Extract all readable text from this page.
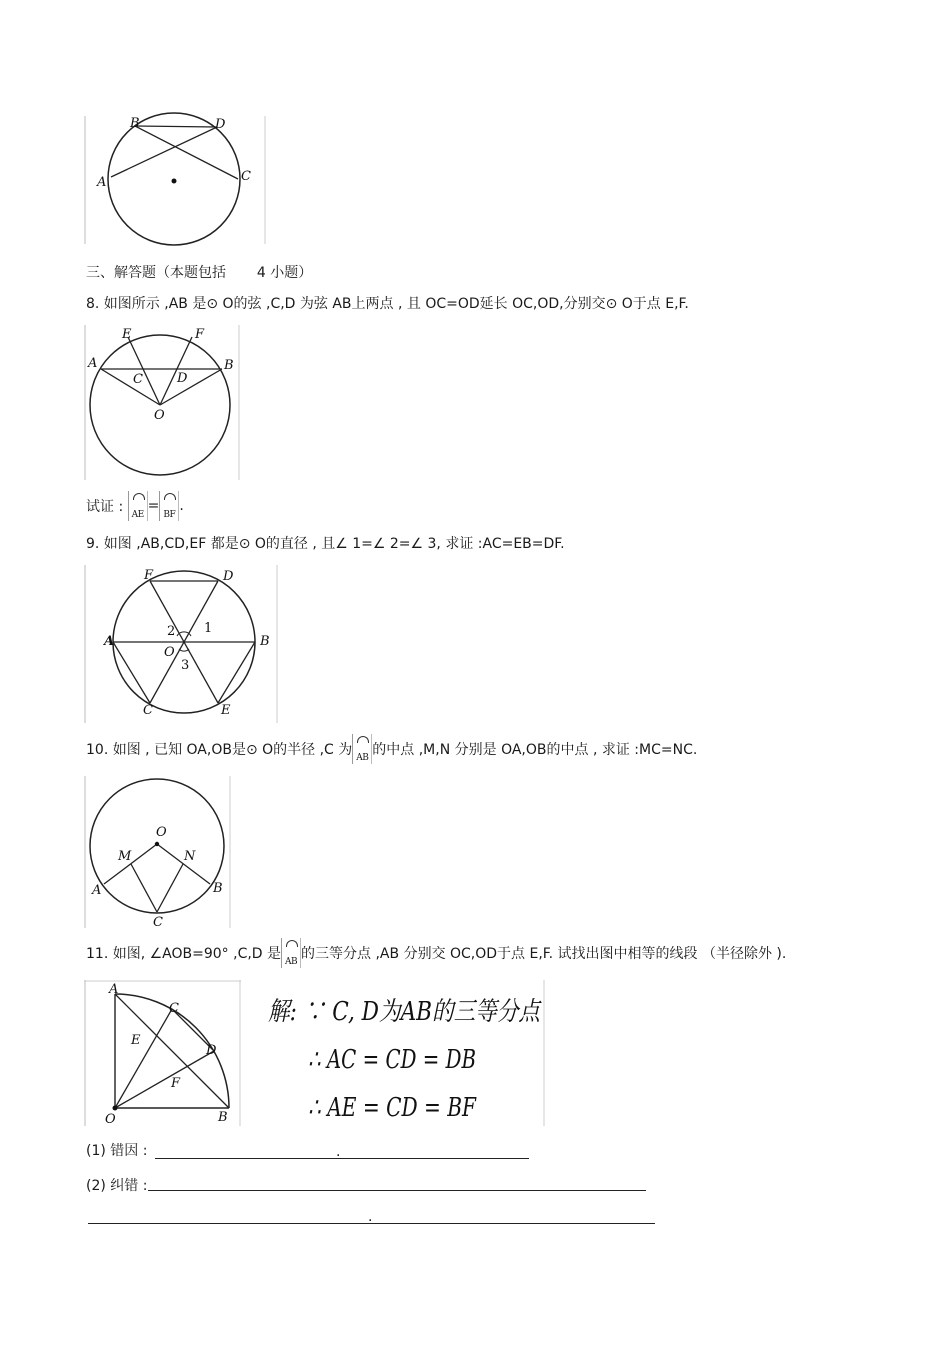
B	D
A	C
三、解答题（本题包括 4 小题）
8. 如图所示 ,AB 是⊙ O的弦 ,C,D 为弦 AB上两点 , 且 OC=OD延长 OC,OD,分别交⊙ O于点 E,F.
E	F
A	B
C	D
O
试证 : AE
=
BF
.
9. 如图 ,AB,CD,EF 都是⊙ O的直径 , 且∠ 1=∠ 2=∠ 3, 求证 :AC=EB=DF.
F	D
A	B
2 1
O
3
C	E
10. 如图 , 已知 OA,OB是⊙ O的半径 ,C 为 AB 的中点 ,M,N 分别是 OA,OB的中点 , 求证 :MC=NC.
O
M	N
A	B
C
11. 如图, ∠AOB=90° ,C,D 是 AB 的三等分点 ,AB 分别交 OC,OD于点 E,F. 试找出图中相等的线段 （半径除外 ).
A
C
E
D
F
O	B
解: ∵ C, D为AB的三等分点
∴ AC = CD = DB
∴ AE = CD = BF
(1) 错因 :	.
(2) 纠错 :
.
